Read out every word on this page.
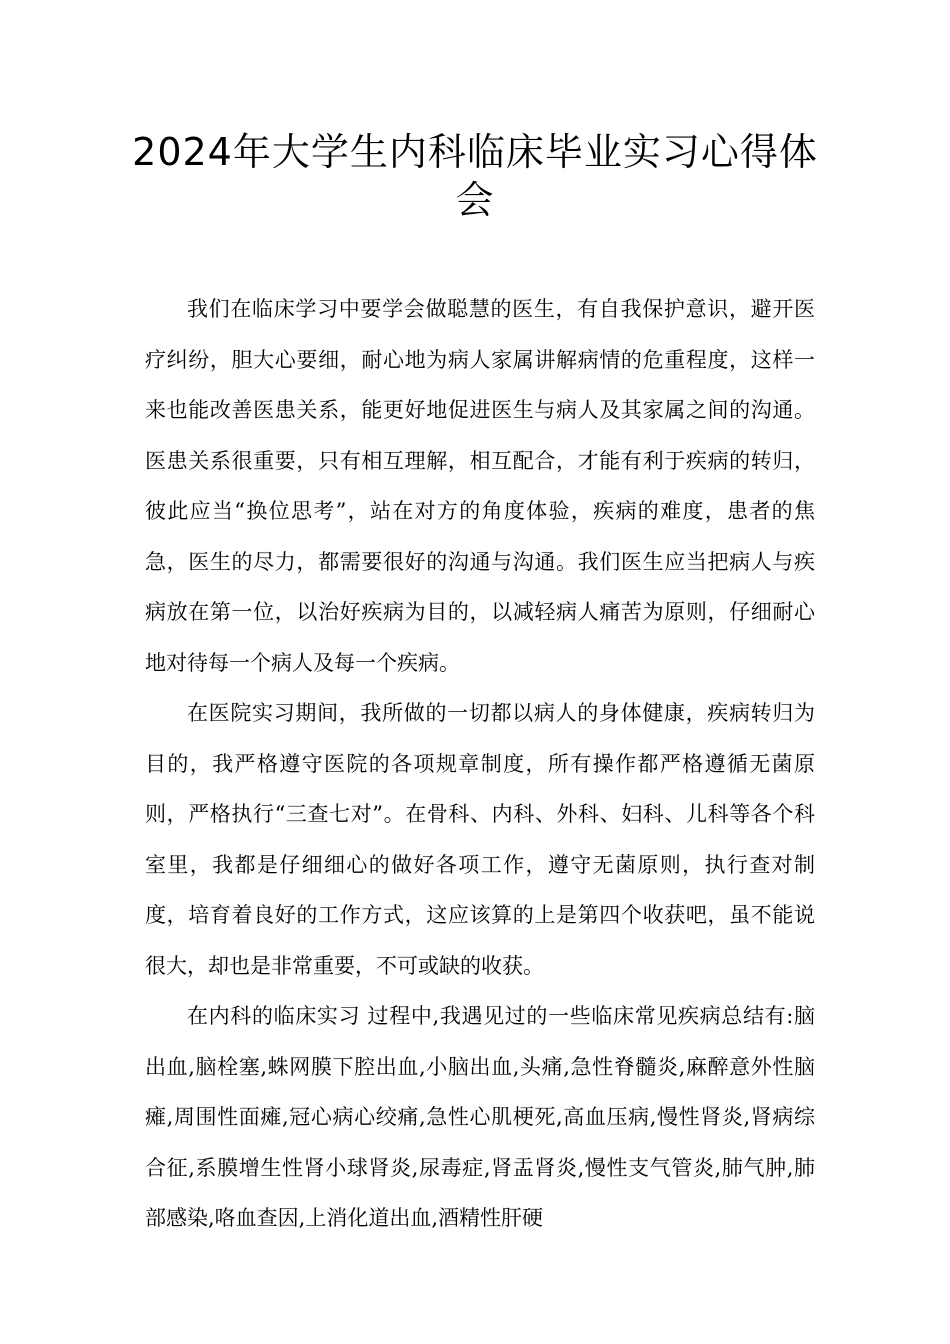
2024年大学生内科临床毕业实习心得体会

我们在临床学习中要学会做聪慧的医生，有自我保护意识，避开医疗纠纷，胆大心要细，耐心地为病人家属讲解病情的危重程度，这样一来也能改善医患关系，能更好地促进医生与病人及其家属之间的沟通。医患关系很重要，只有相互理解，相互配合，才能有利于疾病的转归，彼此应当“换位思考”，站在对方的角度体验，疾病的难度，患者的焦急，医生的尽力，都需要很好的沟通与沟通。我们医生应当把病人与疾病放在第一位，以治好疾病为目的，以减轻病人痛苦为原则，仔细耐心地对待每一个病人及每一个疾病。

在医院实习期间，我所做的一切都以病人的身体健康，疾病转归为目的，我严格遵守医院的各项规章制度，所有操作都严格遵循无菌原则，严格执行“三查七对”。在骨科、内科、外科、妇科、儿科等各个科室里，我都是仔细细心的做好各项工作，遵守无菌原则，执行查对制度，培育着良好的工作方式，这应该算的上是第四个收获吧，虽不能说很大，却也是非常重要，不可或缺的收获。

在内科的临床实习 过程中,我遇见过的一些临床常见疾病总结有:脑出血,脑栓塞,蛛网膜下腔出血,小脑出血,头痛,急性脊髓炎,麻醉意外性脑瘫,周围性面瘫,冠心病心绞痛,急性心肌梗死,高血压病,慢性肾炎,肾病综合征,系膜增生性肾小球肾炎,尿毒症,肾盂肾炎,慢性支气管炎,肺气肿,肺部感染,咯血查因,上消化道出血,酒精性肝硬
